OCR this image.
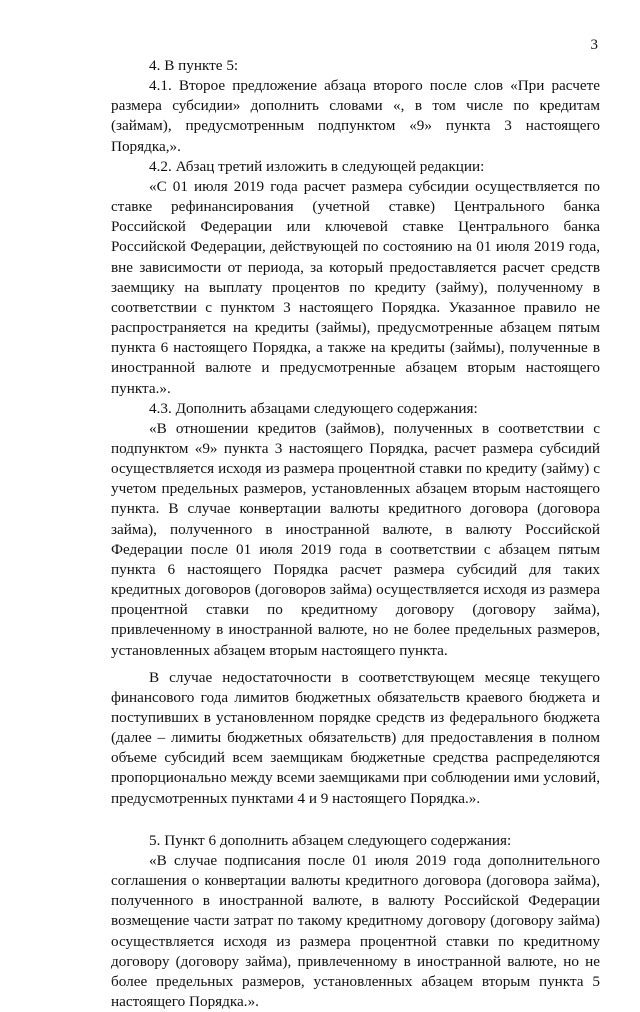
3

4. В пункте 5:

4.1. Второе предложение абзаца второго после слов «При расчете размера субсидии» дополнить словами «, в том числе по кредитам (займам), предусмотренным подпунктом «9» пункта 3 настоящего Порядка,».

4.2. Абзац третий изложить в следующей редакции:

«С 01 июля 2019 года расчет размера субсидии осуществляется по ставке рефинансирования (учетной ставке) Центрального банка Российской Федерации или ключевой ставке Центрального банка Российской Федерации, действующей по состоянию на 01 июля 2019 года, вне зависимости от периода, за который предоставляется расчет средств заемщику на выплату процентов по кредиту (займу), полученному в соответствии с пунктом 3 настоящего Порядка. Указанное правило не распространяется на кредиты (займы), предусмотренные абзацем пятым пункта 6 настоящего Порядка, а также на кредиты (займы), полученные в иностранной валюте и предусмотренные абзацем вторым настоящего пункта.».

4.3. Дополнить абзацами следующего содержания:

«В отношении кредитов (займов), полученных в соответствии с подпунктом «9» пункта 3 настоящего Порядка, расчет размера субсидий осуществляется исходя из размера процентной ставки по кредиту (займу) с учетом предельных размеров, установленных абзацем вторым настоящего пункта. В случае конвертации валюты кредитного договора (договора займа), полученного в иностранной валюте, в валюту Российской Федерации после 01 июля 2019 года в соответствии с абзацем пятым пункта 6 настоящего Порядка расчет размера субсидий для таких кредитных договоров (договоров займа) осуществляется исходя из размера процентной ставки по кредитному договору (договору займа), привлеченному в иностранной валюте, но не более предельных размеров, установленных абзацем вторым настоящего пункта.

В случае недостаточности в соответствующем месяце текущего финансового года лимитов бюджетных обязательств краевого бюджета и поступивших в установленном порядке средств из федерального бюджета (далее – лимиты бюджетных обязательств) для предоставления в полном объеме субсидий всем заемщикам бюджетные средства распределяются пропорционально между всеми заемщиками при соблюдении ими условий, предусмотренных пунктами 4 и 9 настоящего Порядка.».

5. Пункт 6 дополнить абзацем следующего содержания:

«В случае подписания после 01 июля 2019 года дополнительного соглашения о конвертации валюты кредитного договора (договора займа), полученного в иностранной валюте, в валюту Российской Федерации возмещение части затрат по такому кредитному договору (договору займа) осуществляется исходя из размера процентной ставки по кредитному договору (договору займа), привлеченному в иностранной валюте, но не более предельных размеров, установленных абзацем вторым пункта 5 настоящего Порядка.».
